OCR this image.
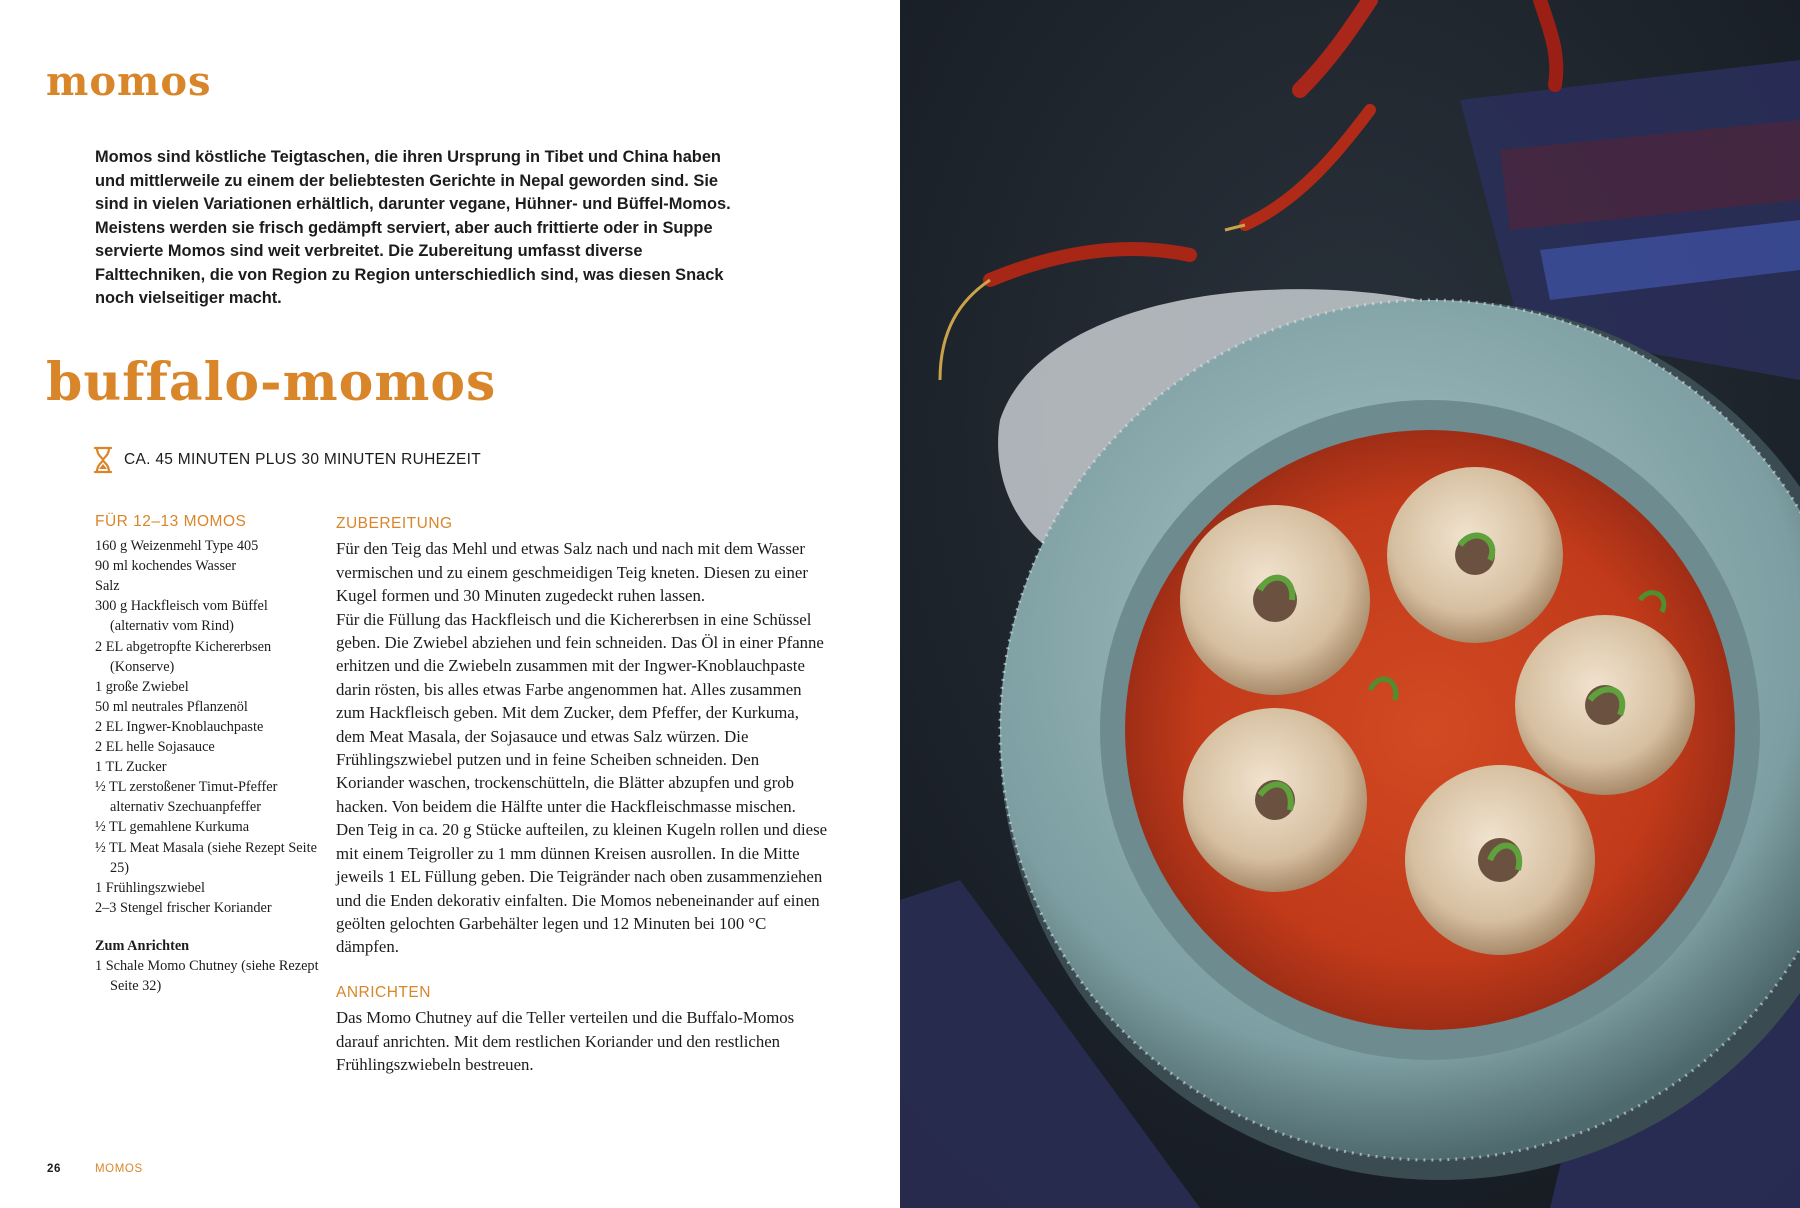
momos
Momos sind köstliche Teigtaschen, die ihren Ursprung in Tibet und China haben und mittlerweile zu einem der beliebtesten Gerichte in Nepal geworden sind. Sie sind in vielen Variationen erhältlich, darunter vegane, Hühner- und Büffel-Momos. Meistens werden sie frisch gedämpft serviert, aber auch frittierte oder in Suppe servierte Momos sind weit verbreitet. Die Zubereitung umfasst diverse Falttechniken, die von Region zu Region unterschiedlich sind, was diesen Snack noch vielseitiger macht.
buffalo-momos
CA. 45 MINUTEN PLUS 30 MINUTEN RUHEZEIT
FÜR 12–13 MOMOS
160 g Weizenmehl Type 405
90 ml kochendes Wasser
Salz
300 g Hackfleisch vom Büffel (alternativ vom Rind)
2 EL abgetropfte Kichererbsen (Konserve)
1 große Zwiebel
50 ml neutrales Pflanzenöl
2 EL Ingwer-Knoblauchpaste
2 EL helle Sojasauce
1 TL Zucker
½ TL zerstoßener Timut-Pfeffer alternativ Szechuanpfeffer
½ TL gemahlene Kurkuma
½ TL Meat Masala (siehe Rezept Seite 25)
1 Frühlingszwiebel
2–3 Stengel frischer Koriander
Zum Anrichten
1 Schale Momo Chutney (siehe Rezept Seite 32)
ZUBEREITUNG

Für den Teig das Mehl und etwas Salz nach und nach mit dem Wasser vermischen und zu einem geschmeidigen Teig kneten. Diesen zu einer Kugel formen und 30 Minuten zugedeckt ruhen lassen.

Für die Füllung das Hackfleisch und die Kichererbsen in eine Schüssel geben. Die Zwiebel abziehen und fein schneiden. Das Öl in einer Pfanne erhitzen und die Zwiebeln zusammen mit der Ingwer-Knoblauchpaste darin rösten, bis alles etwas Farbe angenommen hat. Alles zusammen zum Hackfleisch geben. Mit dem Zucker, dem Pfeffer, der Kurkuma, dem Meat Masala, der Sojasauce und etwas Salz würzen. Die Frühlingszwiebel putzen und in feine Scheiben schneiden. Den Koriander waschen, trockenschütteln, die Blätter abzupfen und grob hacken. Von beidem die Hälfte unter die Hackfleischmasse mischen.

Den Teig in ca. 20 g Stücke aufteilen, zu kleinen Kugeln rollen und diese mit einem Teigroller zu 1 mm dünnen Kreisen ausrollen. In die Mitte jeweils 1 EL Füllung geben. Die Teigränder nach oben zusammenziehen und die Enden dekorativ einfalten. Die Momos nebeneinander auf einen geölten gelochten Garbehälter legen und 12 Minuten bei 100 °C dämpfen.

ANRICHTEN

Das Momo Chutney auf die Teller verteilen und die Buffalo-Momos darauf anrichten. Mit dem restlichen Koriander und den restlichen Frühlingszwiebeln bestreuen.

26	MOMOS
